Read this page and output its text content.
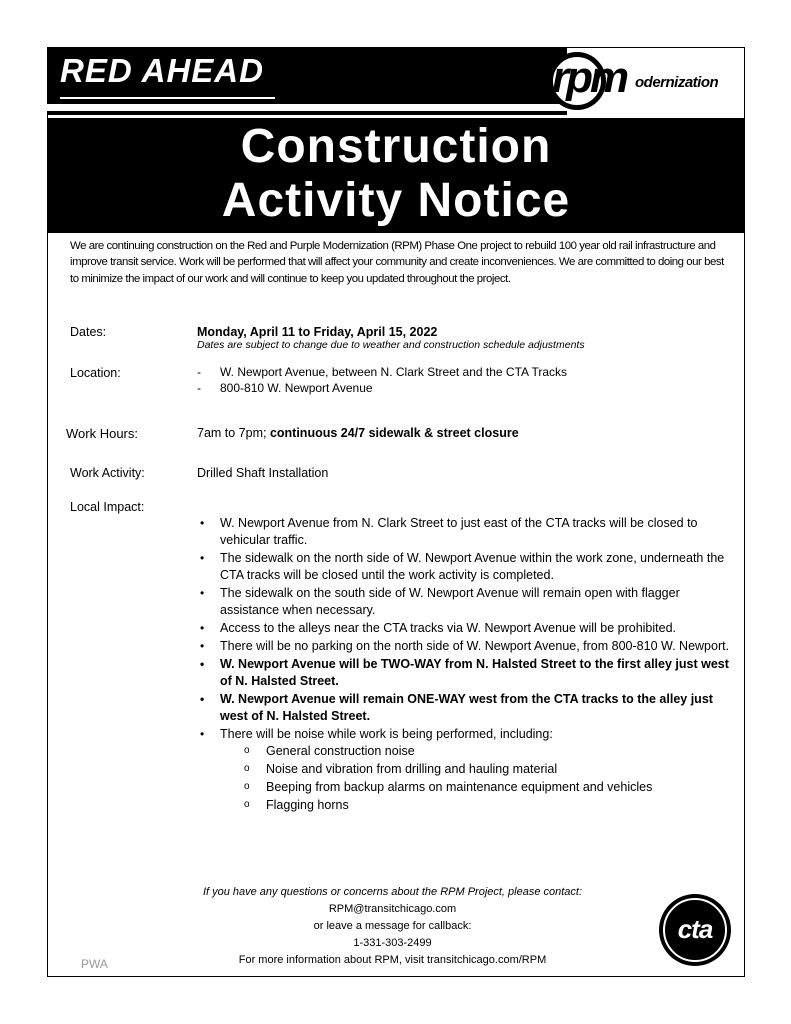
RED AHEAD	rpm odernization
Construction
Activity Notice
We are continuing construction on the Red and Purple Modernization (RPM) Phase One project to rebuild 100 year old rail infrastructure and improve transit service. Work will be performed that will affect your community and create inconveniences. We are committed to doing our best to minimize the impact of our work and will continue to keep you updated throughout the project.
Dates:	Monday, April 11 to Friday, April 15, 2022
Dates are subject to change due to weather and construction schedule adjustments
Location:	- W. Newport Avenue, between N. Clark Street and the CTA Tracks
- 800-810 W. Newport Avenue
Work Hours:	7am to 7pm; continuous 24/7 sidewalk & street closure
Work Activity:	Drilled Shaft Installation
Local Impact:
• W. Newport Avenue from N. Clark Street to just east of the CTA tracks will be closed to vehicular traffic.
• The sidewalk on the north side of W. Newport Avenue within the work zone, underneath the CTA tracks will be closed until the work activity is completed.
• The sidewalk on the south side of W. Newport Avenue will remain open with flagger assistance when necessary.
• Access to the alleys near the CTA tracks via W. Newport Avenue will be prohibited.
• There will be no parking on the north side of W. Newport Avenue, from 800-810 W. Newport.
• W. Newport Avenue will be TWO-WAY from N. Halsted Street to the first alley just west of N. Halsted Street.
• W. Newport Avenue will remain ONE-WAY west from the CTA tracks to the alley just west of N. Halsted Street.
• There will be noise while work is being performed, including:
o General construction noise
o Noise and vibration from drilling and hauling material
o Beeping from backup alarms on maintenance equipment and vehicles
o Flagging horns
If you have any questions or concerns about the RPM Project, please contact:
RPM@transitchicago.com
or leave a message for callback:
1-331-303-2499
For more information about RPM, visit transitchicago.com/RPM
cta
PWA
